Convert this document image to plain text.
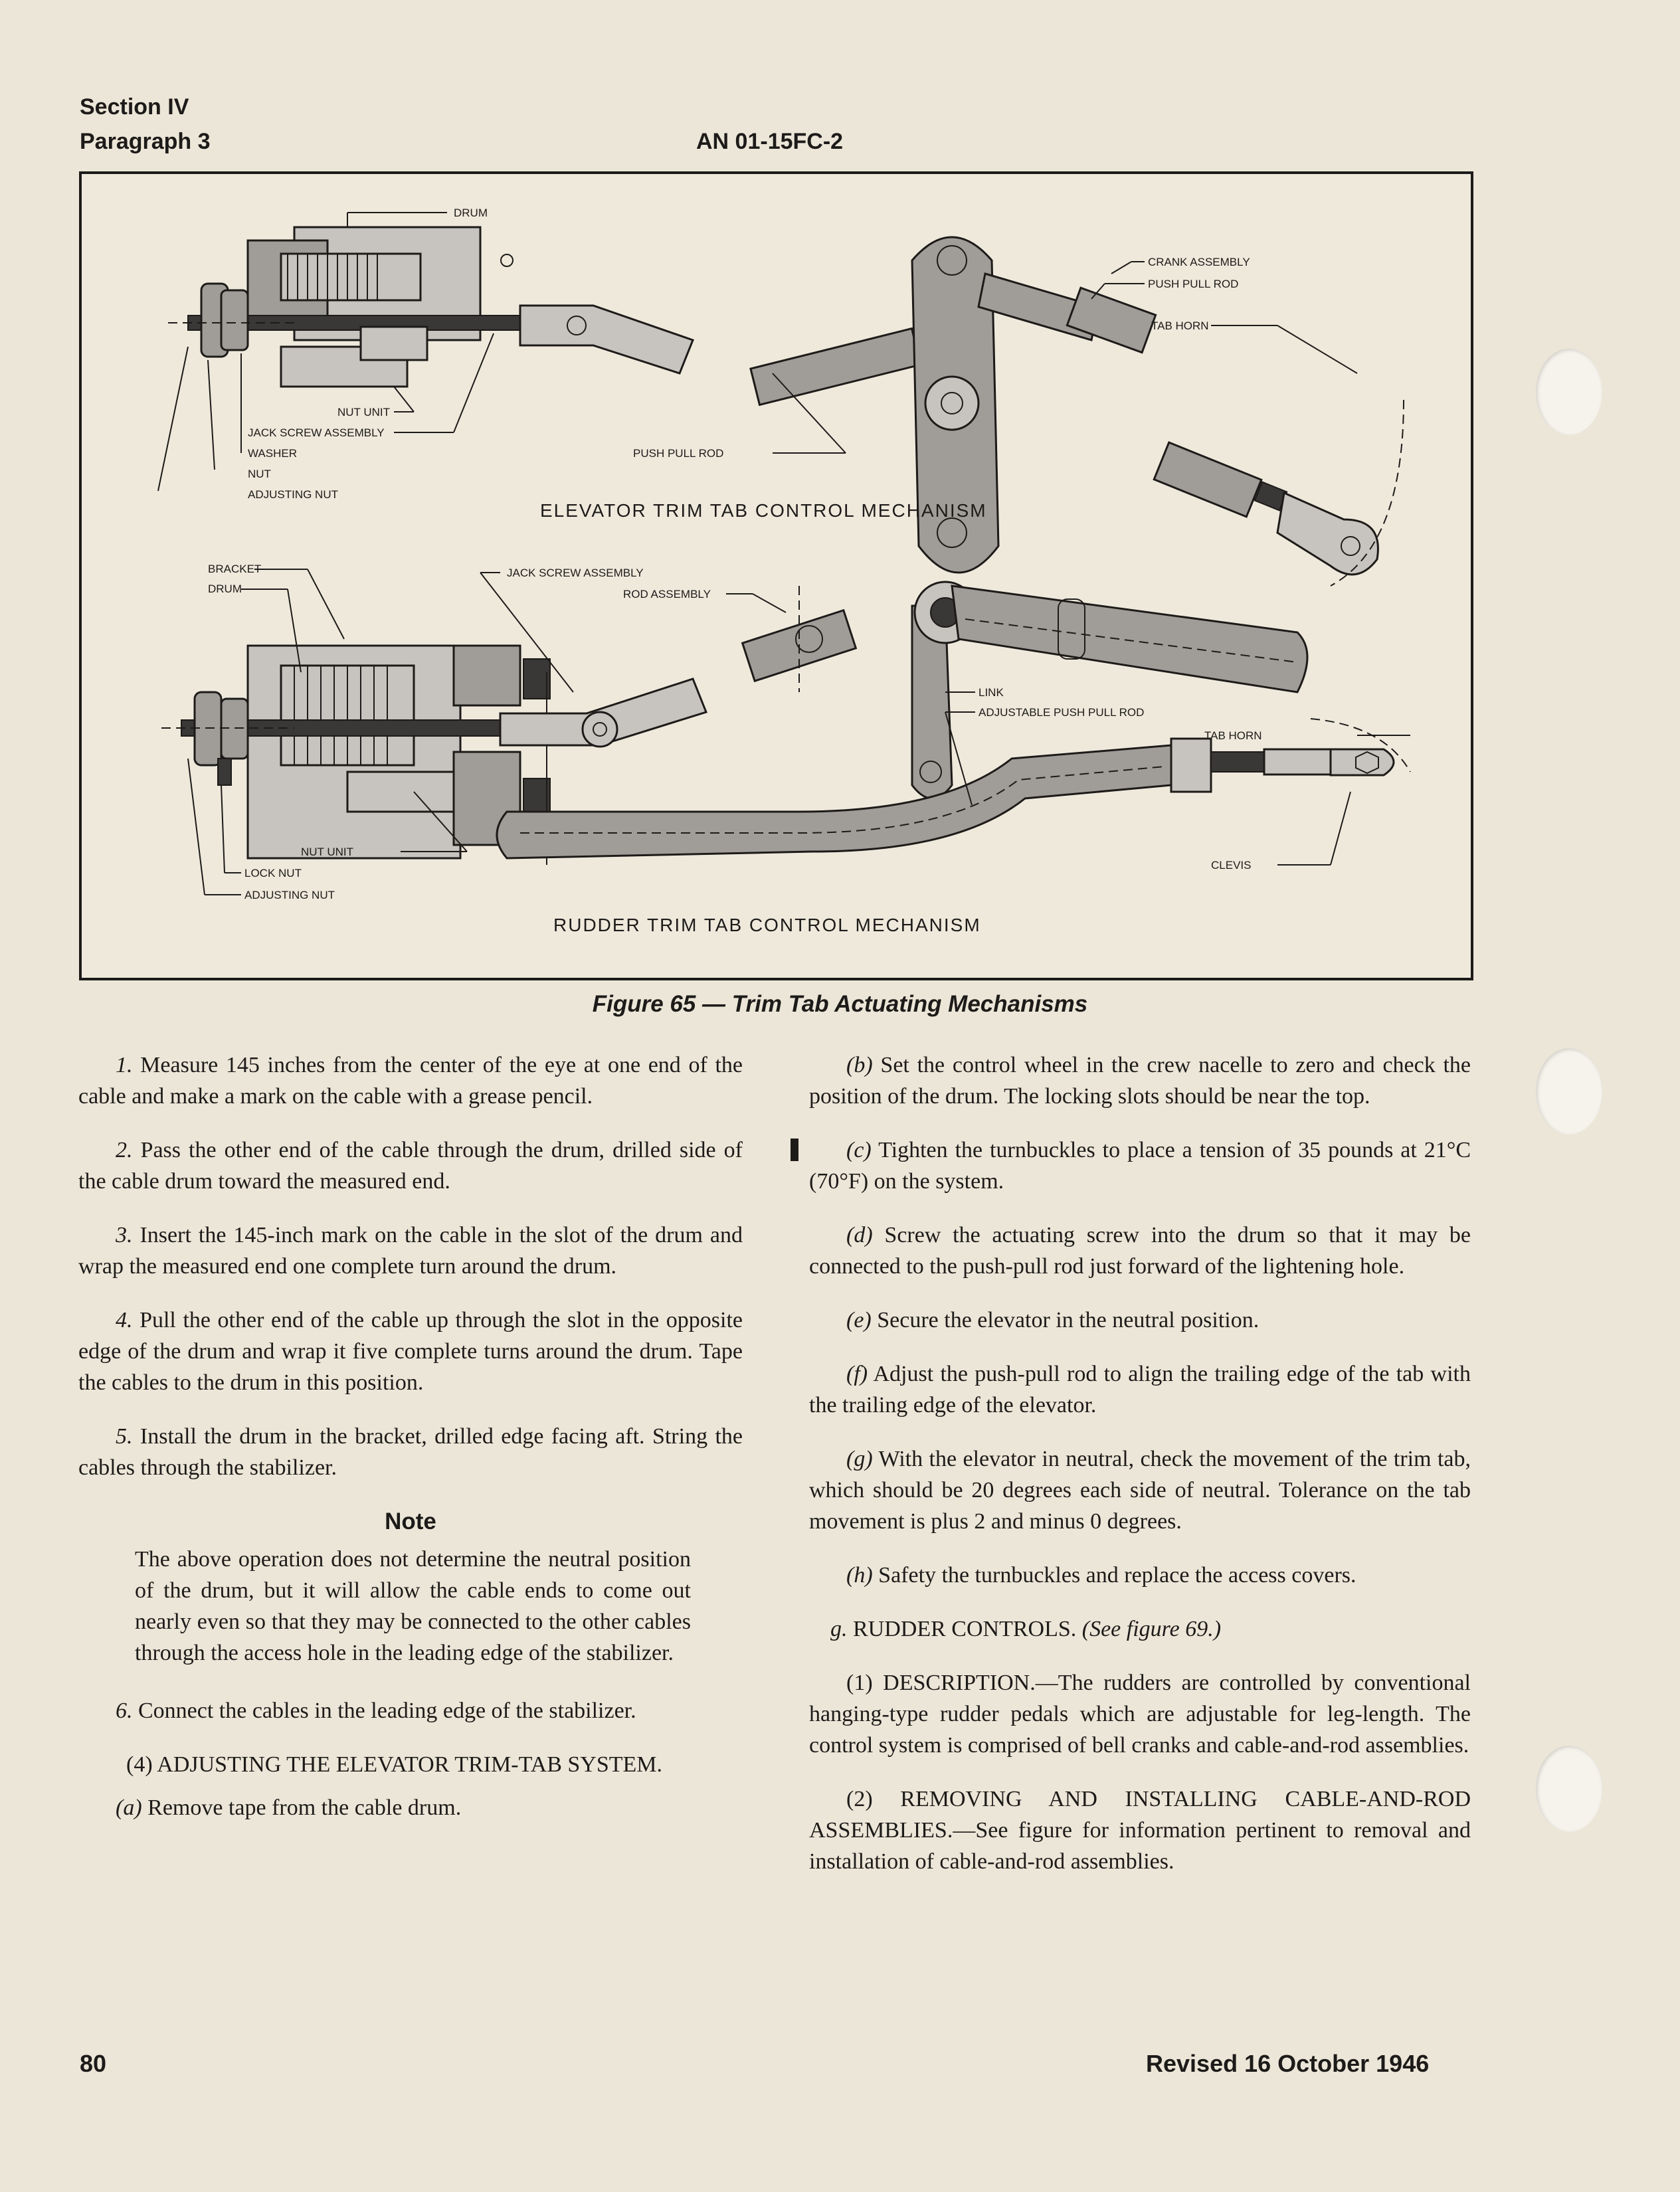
Section IV
Paragraph 3	AN 01-15FC-2
DRUM
CRANK ASSEMBLY
PUSH PULL ROD
TAB HORN
NUT UNIT
JACK SCREW ASSEMBLY
WASHER
NUT
ADJUSTING NUT
PUSH PULL ROD
ELEVATOR TRIM TAB CONTROL MECHANISM
BRACKET
DRUM
JACK SCREW ASSEMBLY
ROD ASSEMBLY
LINK
ADJUSTABLE PUSH PULL ROD
TAB HORN
NUT UNIT
LOCK NUT
ADJUSTING NUT
CLEVIS
RUDDER TRIM TAB CONTROL MECHANISM
Figure 65 — Trim Tab Actuating Mechanisms

1. Measure 145 inches from the center of the eye at one end of the cable and make a mark on the cable with a grease pencil.

2. Pass the other end of the cable through the drum, drilled side of the cable drum toward the measured end.

3. Insert the 145-inch mark on the cable in the slot of the drum and wrap the measured end one complete turn around the drum.

4. Pull the other end of the cable up through the slot in the opposite edge of the drum and wrap it five complete turns around the drum. Tape the cables to the drum in this position.

5. Install the drum in the bracket, drilled edge facing aft. String the cables through the stabilizer.

Note
The above operation does not determine the neutral position of the drum, but it will allow the cable ends to come out nearly even so that they may be connected to the other cables through the access hole in the leading edge of the stabilizer.

6. Connect the cables in the leading edge of the stabilizer.

(4) ADJUSTING THE ELEVATOR TRIM-TAB SYSTEM.

(a) Remove tape from the cable drum.

(b) Set the control wheel in the crew nacelle to zero and check the position of the drum. The locking slots should be near the top.

(c) Tighten the turnbuckles to place a tension of 35 pounds at 21°C (70°F) on the system.

(d) Screw the actuating screw into the drum so that it may be connected to the push-pull rod just forward of the lightening hole.

(e) Secure the elevator in the neutral position.

(f) Adjust the push-pull rod to align the trailing edge of the tab with the trailing edge of the elevator.

(g) With the elevator in neutral, check the movement of the trim tab, which should be 20 degrees each side of neutral. Tolerance on the tab movement is plus 2 and minus 0 degrees.

(h) Safety the turnbuckles and replace the access covers.

g. RUDDER CONTROLS. (See figure 69.)

(1) DESCRIPTION.—The rudders are controlled by conventional hanging-type rudder pedals which are adjustable for leg-length. The control system is comprised of bell cranks and cable-and-rod assemblies.

(2) REMOVING AND INSTALLING CABLE-AND-ROD ASSEMBLIES.—See figure for information pertinent to removal and installation of cable-and-rod assemblies.

80	Revised 16 October 1946
